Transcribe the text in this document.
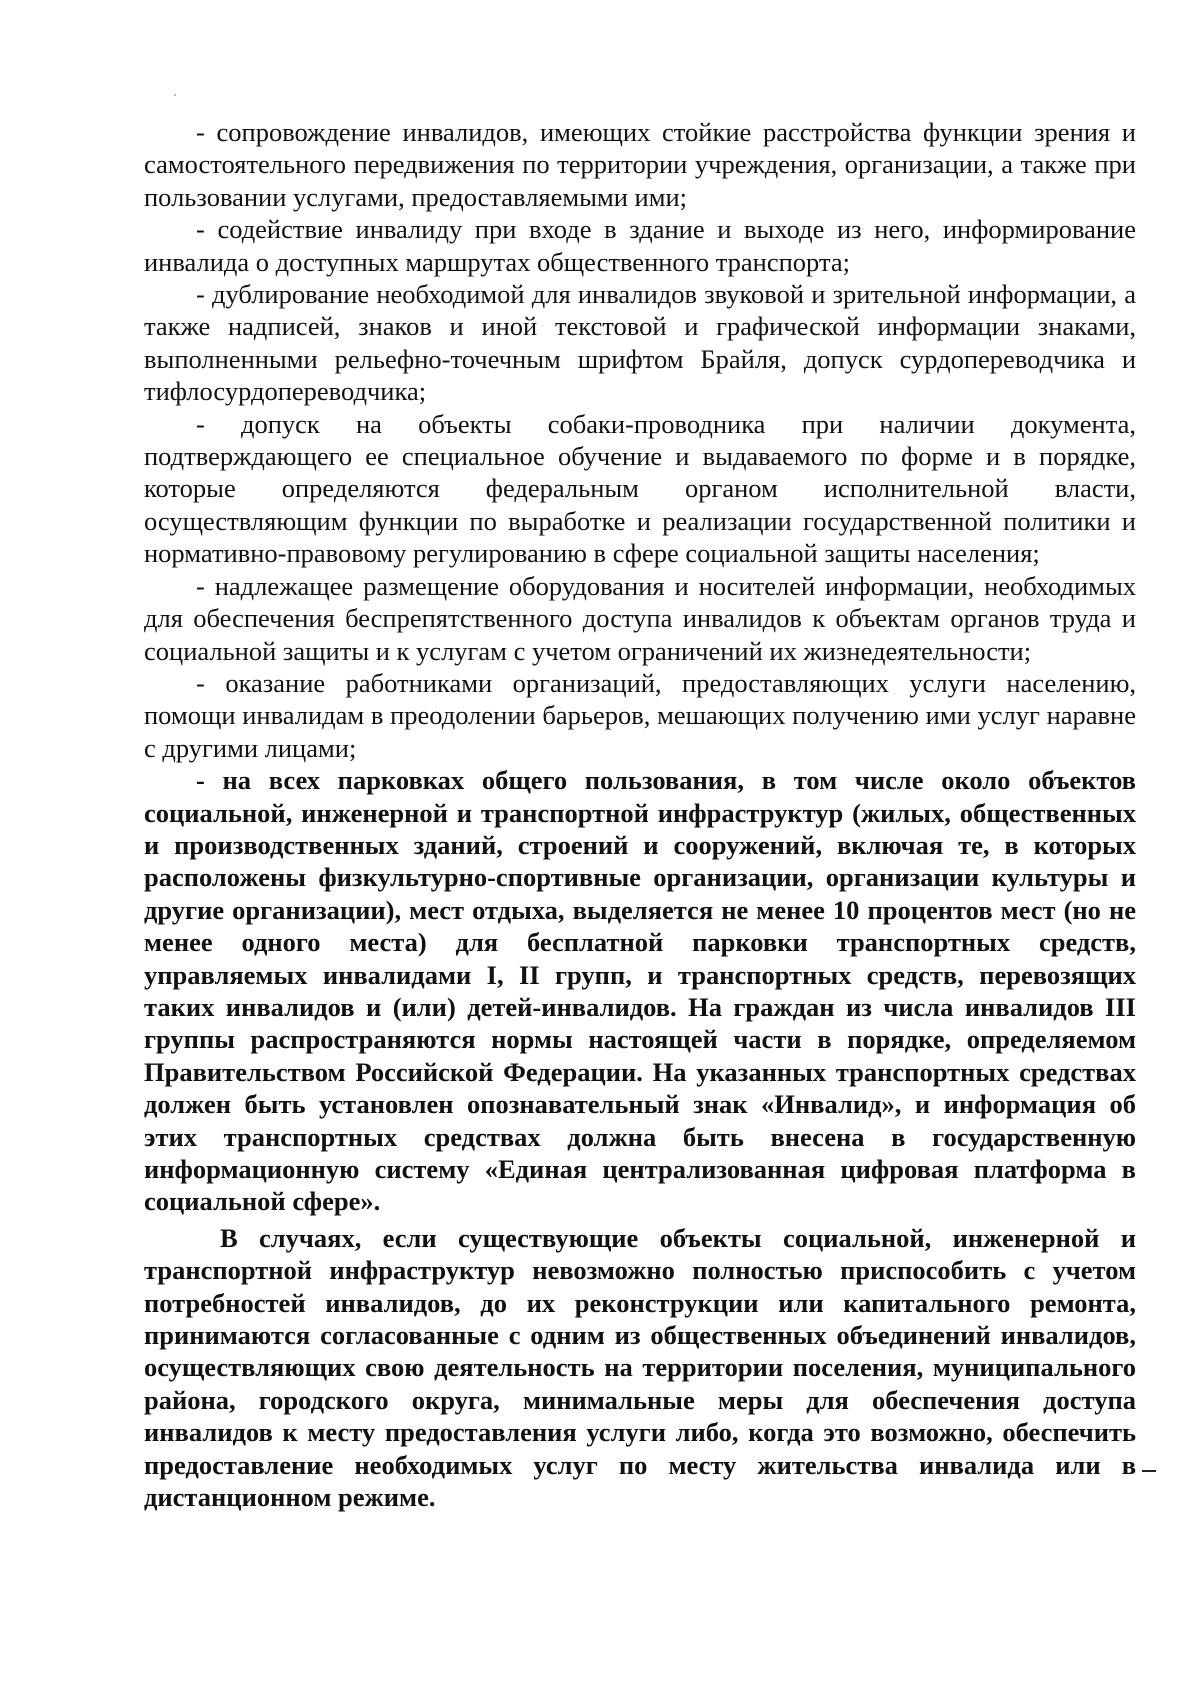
- сопровождение инвалидов, имеющих стойкие расстройства функции зрения и самостоятельного передвижения по территории учреждения, организации, а также при пользовании услугами, предоставляемыми ими;

- содействие инвалиду при входе в здание и выходе из него, информирование инвалида о доступных маршрутах общественного транспорта;

- дублирование необходимой для инвалидов звуковой и зрительной информации, а также надписей, знаков и иной текстовой и графической информации знаками, выполненными рельефно-точечным шрифтом Брайля, допуск сурдопереводчика и тифлосурдопереводчика;

- допуск на объекты собаки-проводника при наличии документа, подтверждающего ее специальное обучение и выдаваемого по форме и в порядке, которые определяются федеральным органом исполнительной власти, осуществляющим функции по выработке и реализации государственной политики и нормативно-правовому регулированию в сфере социальной защиты населения;

- надлежащее размещение оборудования и носителей информации, необходимых для обеспечения беспрепятственного доступа инвалидов к объектам органов труда и социальной защиты и к услугам с учетом ограничений их жизнедеятельности;

- оказание работниками организаций, предоставляющих услуги населению, помощи инвалидам в преодолении барьеров, мешающих получению ими услуг наравне с другими лицами;

- на всех парковках общего пользования, в том числе около объектов социальной, инженерной и транспортной инфраструктур (жилых, общественных и производственных зданий, строений и сооружений, включая те, в которых расположены физкультурно-спортивные организации, организации культуры и другие организации), мест отдыха, выделяется не менее 10 процентов мест (но не менее одного места) для бесплатной парковки транспортных средств, управляемых инвалидами I, II групп, и транспортных средств, перевозящих таких инвалидов и (или) детей-инвалидов. На граждан из числа инвалидов III группы распространяются нормы настоящей части в порядке, определяемом Правительством Российской Федерации. На указанных транспортных средствах должен быть установлен опознавательный знак «Инвалид», и информация об этих транспортных средствах должна быть внесена в государственную информационную систему «Единая централизованная цифровая платформа в социальной сфере».

В случаях, если существующие объекты социальной, инженерной и транспортной инфраструктур невозможно полностью приспособить с учетом потребностей инвалидов, до их реконструкции или капитального ремонта, принимаются согласованные с одним из общественных объединений инвалидов, осуществляющих свою деятельность на территории поселения, муниципального района, городского округа, минимальные меры для обеспечения доступа инвалидов к месту предоставления услуги либо, когда это возможно, обеспечить предоставление необходимых услуг по месту жительства инвалида или в дистанционном режиме.
